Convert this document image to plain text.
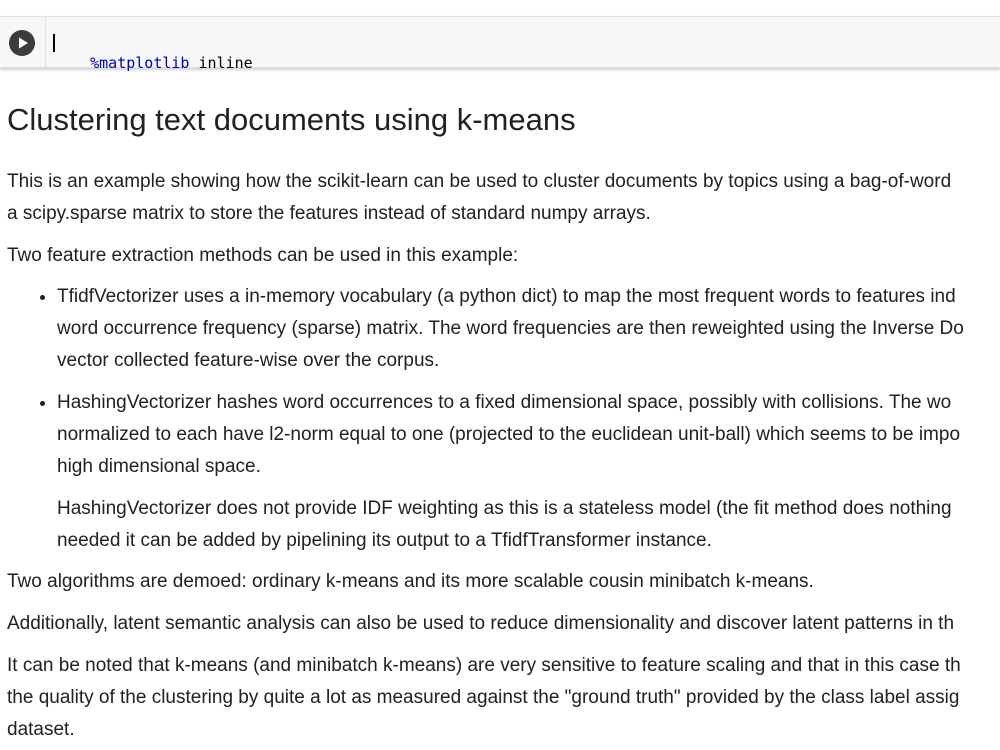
%matplotlib inline

Clustering text documents using k-means

This is an example showing how the scikit-learn can be used to cluster documents by topics using a bag-of-word
a scipy.sparse matrix to store the features instead of standard numpy arrays.

Two feature extraction methods can be used in this example:

• TfidfVectorizer uses a in-memory vocabulary (a python dict) to map the most frequent words to features ind
word occurrence frequency (sparse) matrix. The word frequencies are then reweighted using the Inverse Do
vector collected feature-wise over the corpus.
• HashingVectorizer hashes word occurrences to a fixed dimensional space, possibly with collisions. The wo
normalized to each have l2-norm equal to one (projected to the euclidean unit-ball) which seems to be impo
high dimensional space.
HashingVectorizer does not provide IDF weighting as this is a stateless model (the fit method does nothing
needed it can be added by pipelining its output to a TfidfTransformer instance.

Two algorithms are demoed: ordinary k-means and its more scalable cousin minibatch k-means.

Additionally, latent semantic analysis can also be used to reduce dimensionality and discover latent patterns in th

It can be noted that k-means (and minibatch k-means) are very sensitive to feature scaling and that in this case th
the quality of the clustering by quite a lot as measured against the "ground truth" provided by the class label assig
dataset.
